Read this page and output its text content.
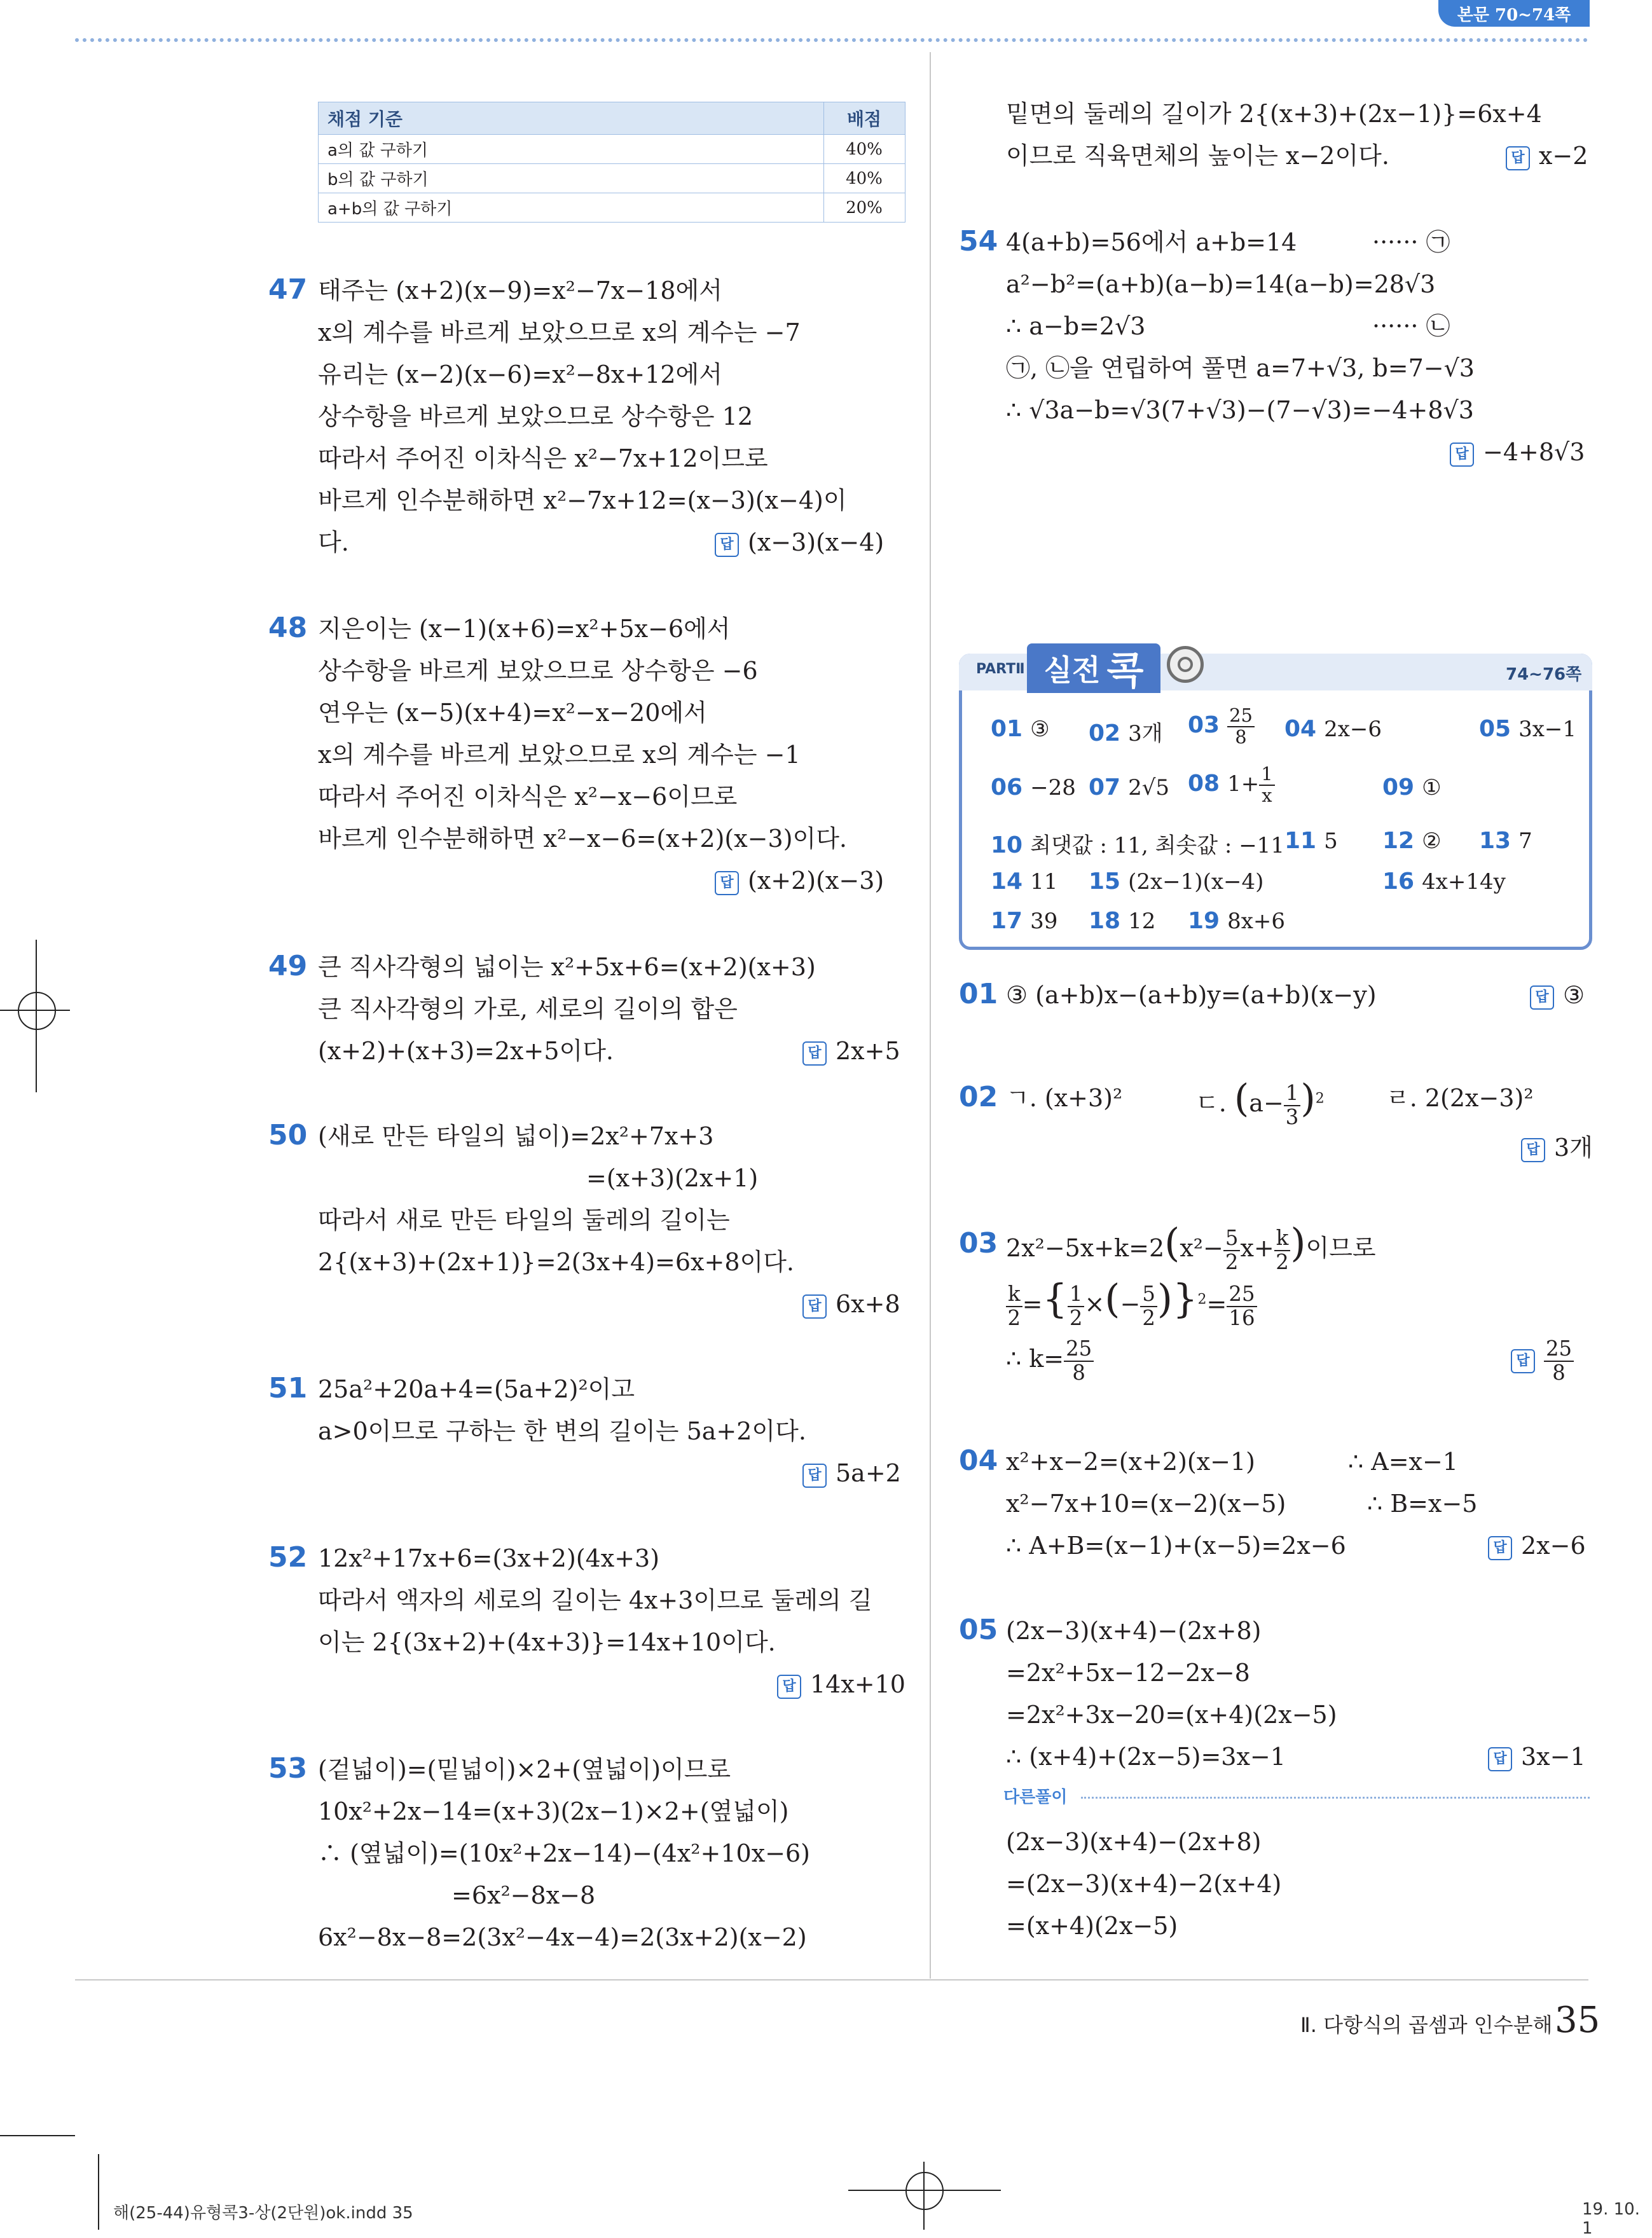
본문 70~74쪽
채점 기준	배점
a의 값 구하기	40%
b의 값 구하기	40%
a+b의 값 구하기	20%
47 태주는 (x+2)(x−9)=x²−7x−18에서
x의 계수를 바르게 보았으므로 x의 계수는 −7
유리는 (x−2)(x−6)=x²−8x+12에서
상수항을 바르게 보았으므로 상수항은 12
따라서 주어진 이차식은 x²−7x+12이므로
바르게 인수분해하면 x²−7x+12=(x−3)(x−4)이
다.	답 (x−3)(x−4)
48 지은이는 (x−1)(x+6)=x²+5x−6에서
상수항을 바르게 보았으므로 상수항은 −6
연우는 (x−5)(x+4)=x²−x−20에서
x의 계수를 바르게 보았으므로 x의 계수는 −1
따라서 주어진 이차식은 x²−x−6이므로
바르게 인수분해하면 x²−x−6=(x+2)(x−3)이다.
답 (x+2)(x−3)
49 큰 직사각형의 넓이는 x²+5x+6=(x+2)(x+3)
큰 직사각형의 가로, 세로의 길이의 합은
(x+2)+(x+3)=2x+5이다.	답 2x+5
50 (새로 만든 타일의 넓이)=2x²+7x+3
=(x+3)(2x+1)
따라서 새로 만든 타일의 둘레의 길이는
2{(x+3)+(2x+1)}=2(3x+4)=6x+8이다.
답 6x+8
51 25a²+20a+4=(5a+2)²이고
a>0이므로 구하는 한 변의 길이는 5a+2이다.
답 5a+2
52 12x²+17x+6=(3x+2)(4x+3)
따라서 액자의 세로의 길이는 4x+3이므로 둘레의 길
이는 2{(3x+2)+(4x+3)}=14x+10이다.
답 14x+10
53 (겉넓이)=(밑넓이)×2+(옆넓이)이므로
10x²+2x−14=(x+3)(2x−1)×2+(옆넓이)
∴ (옆넓이)=(10x²+2x−14)−(4x²+10x−6)
=6x²−8x−8
6x²−8x−8=2(3x²−4x−4)=2(3x+2)(x−2)
밑면의 둘레의 길이가 2{(x+3)+(2x−1)}=6x+4
이므로 직육면체의 높이는 x−2이다.	답 x−2
54 4(a+b)=56에서 a+b=14	······ ㉠
a²−b²=(a+b)(a−b)=14(a−b)=28√3
∴ a−b=2√3	······ ㉡
㉠, ㉡을 연립하여 풀면 a=7+√3, b=7−√3
∴ √3a−b=√3(7+√3)−(7−√3)=−4+8√3
답 −4+8√3
PARTⅡ 실전 콕	74~76쪽
01 ③ 02 3개 $03 \frac{25}{8} 04$ 2x−6	05 3x−1
06 −28 07 2√5 08 $1+ \frac{1}{x}$	09 ①
10 최댓값 : 11, 최솟값 : −11 11 5 12 ② 13 7
14 11 15 (2x−1)(x−4)	16 4x+14y
17 39 18 12 19 8x+6
01 ③ (a+b)x−(a+b)y=(a+b)(x−y)	답 ③
02 ㄱ. (x+3)²	ㄷ. $(a- \frac{1}{3} )^2$	ㄹ. 2(2x−3)²
답 3개
03 $2x^2-5x+k=2(x^2- \frac{5}{2} x+ \frac{k}{2}$ )이므로
$\frac{k}{2}$ ={ $\frac{1}{2}$ ×(− $\frac{5}{2} )\}^2= \frac{25}{16}$
∴ $k= \frac{25}{8}$	답 $\frac{25}{8}$
04 x²+x−2=(x+2)(x−1)	∴ A=x−1
x²−7x+10=(x−2)(x−5)	∴ B=x−5
∴ A+B=(x−1)+(x−5)=2x−6	답 2x−6
05 (2x−3)(x+4)−(2x+8)
=2x²+5x−12−2x−8
=2x²+3x−20=(x+4)(2x−5)
∴ (x+4)+(2x−5)=3x−1	답 3x−1
다른풀이
(2x−3)(x+4)−(2x+8)
=(2x−3)(x+4)−2(x+4)
=(x+4)(2x−5)
Ⅱ. 다항식의 곱셈과 인수분해 35
해(25-44)유형콕3-상(2단원)ok.indd 35	19. 10. 1
